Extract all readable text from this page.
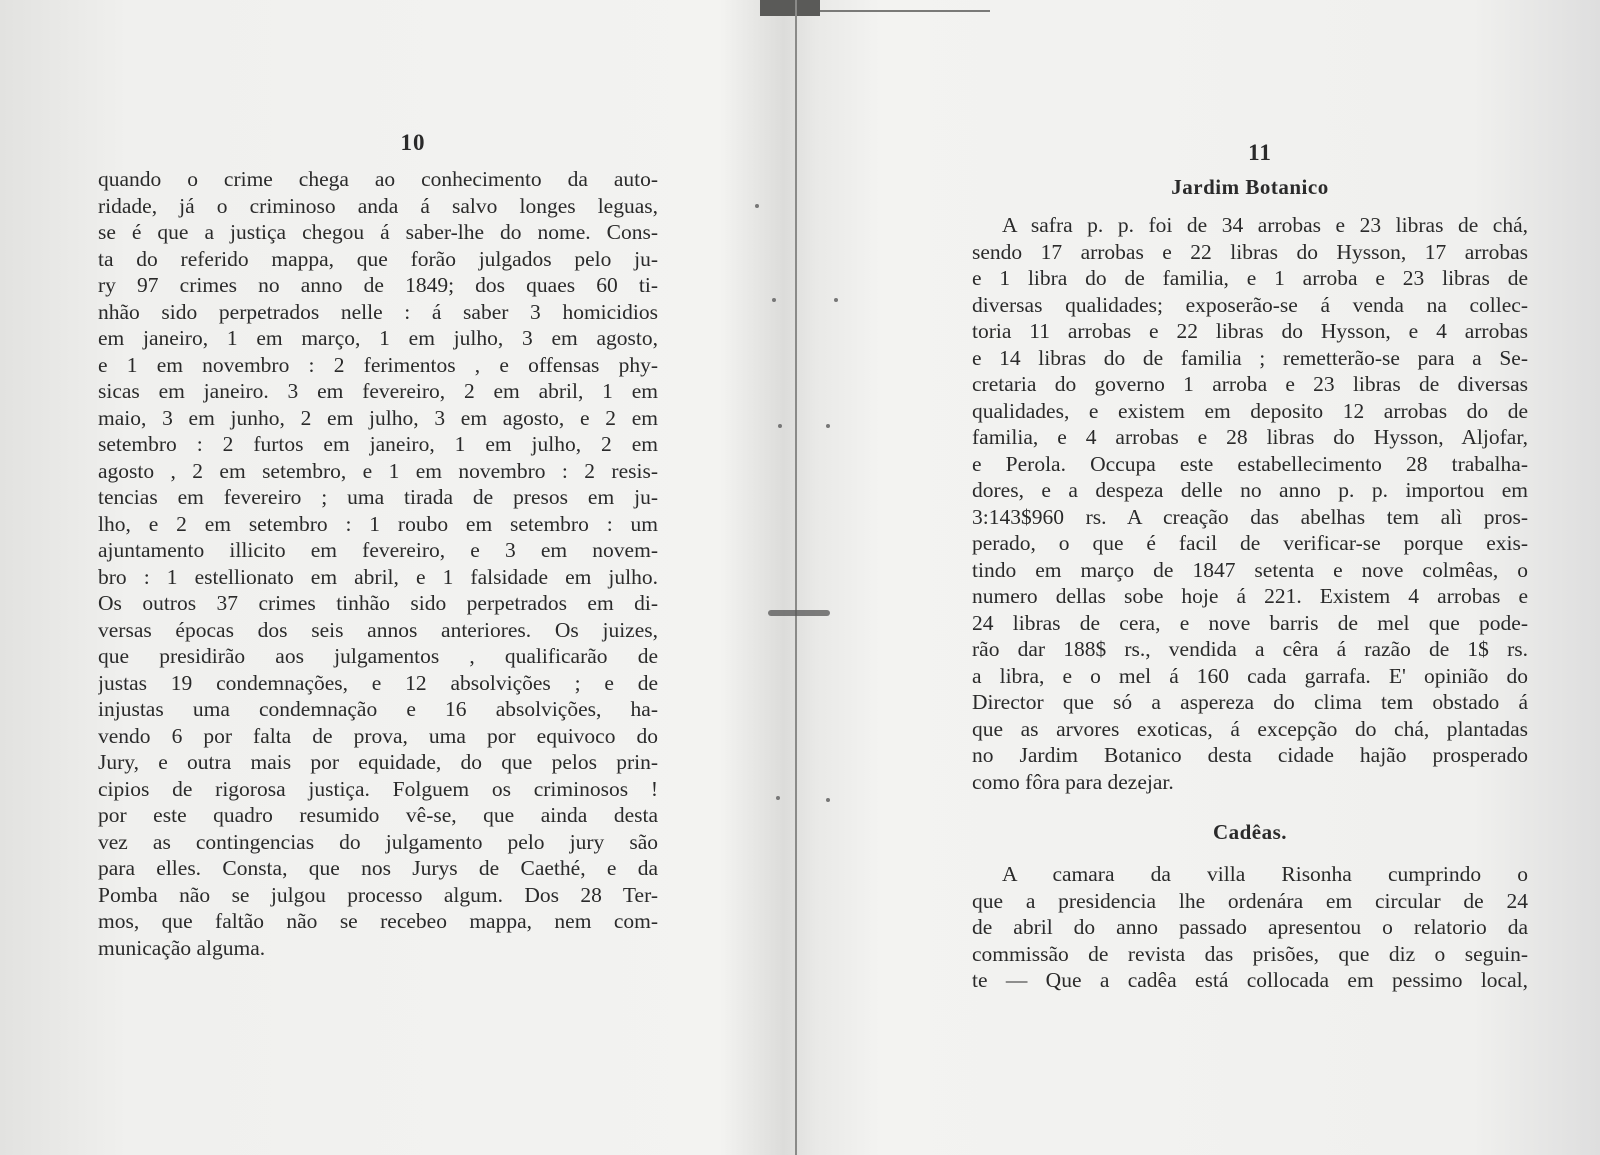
10
quando o crime chega ao conhecimento da auto-
ridade, já o criminoso anda á salvo longes leguas,
se é que a justiça chegou á saber-lhe do nome. Cons-
ta do referido mappa, que forão julgados pelo ju-
ry 97 crimes no anno de 1849; dos quaes 60 ti-
nhão sido perpetrados nelle : á saber 3 homicidios
em janeiro, 1 em março, 1 em julho, 3 em agosto,
e 1 em novembro : 2 ferimentos , e offensas phy-
sicas em janeiro. 3 em fevereiro, 2 em abril, 1 em
maio, 3 em junho, 2 em julho, 3 em agosto, e 2 em
setembro : 2 furtos em janeiro, 1 em julho, 2 em
agosto , 2 em setembro, e 1 em novembro : 2 resis-
tencias em fevereiro ; uma tirada de presos em ju-
lho, e 2 em setembro : 1 roubo em setembro : um
ajuntamento illicito em fevereiro, e 3 em novem-
bro : 1 estellionato em abril, e 1 falsidade em julho.
Os outros 37 crimes tinhão sido perpetrados em di-
versas épocas dos seis annos anteriores. Os juizes,
que presidirão aos julgamentos , qualificarão de
justas 19 condemnações, e 12 absolvições ; e de
injustas uma condemnação e 16 absolvições, ha-
vendo 6 por falta de prova, uma por equivoco do
Jury, e outra mais por equidade, do que pelos prin-
cipios de rigorosa justiça. Folguem os criminosos !
por este quadro resumido vê-se, que ainda desta
vez as contingencias do julgamento pelo jury são
para elles. Consta, que nos Jurys de Caethé, e da
Pomba não se julgou processo algum. Dos 28 Ter-
mos, que faltão não se recebeo mappa, nem com-
municação alguma.
11
Jardim Botanico
A safra p. p. foi de 34 arrobas e 23 libras de chá,
sendo 17 arrobas e 22 libras do Hysson, 17 arrobas
e 1 libra do de familia, e 1 arroba e 23 libras de
diversas qualidades; exposerão-se á venda na collec-
toria 11 arrobas e 22 libras do Hysson, e 4 arrobas
e 14 libras do de familia ; remetterão-se para a Se-
cretaria do governo 1 arroba e 23 libras de diversas
qualidades, e existem em deposito 12 arrobas do de
familia, e 4 arrobas e 28 libras do Hysson, Aljofar,
e Perola. Occupa este estabellecimento 28 trabalha-
dores, e a despeza delle no anno p. p. importou em
3:143$960 rs. A creação das abelhas tem alì pros-
perado, o que é facil de verificar-se porque exis-
tindo em março de 1847 setenta e nove colmêas, o
numero dellas sobe hoje á 221. Existem 4 arrobas e
24 libras de cera, e nove barris de mel que pode-
rão dar 188$ rs., vendida a cêra á razão de 1$ rs.
a libra, e o mel á 160 cada garrafa. E' opinião do
Director que só a aspereza do clima tem obstado á
que as arvores exoticas, á excepção do chá, plantadas
no Jardim Botanico desta cidade hajão prosperado
como fôra para dezejar.
Cadêas.
A camara da villa Risonha cumprindo o
que a presidencia lhe ordenára em circular de 24
de abril do anno passado apresentou o relatorio da
commissão de revista das prisões, que diz o seguin-
te — Que a cadêa está collocada em pessimo local,
